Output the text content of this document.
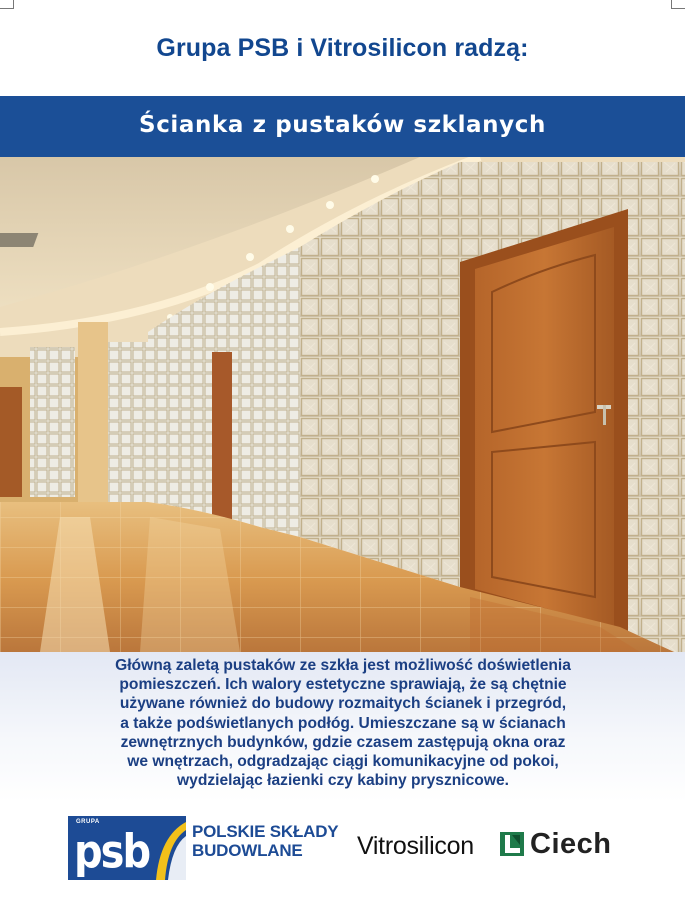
Grupa PSB i Vitrosilicon radzą:
Ścianka z pustaków szklanych
Główną zaletą pustaków ze szkła jest możliwość doświetlenia
pomieszczeń. Ich walory estetyczne sprawiają, że są chętnie
używane również do budowy rozmaitych ścianek i przegród,
a także podświetlanych podłóg. Umieszczane są w ścianach
zewnętrznych budynków, gdzie czasem zastępują okna oraz
we wnętrzach, odgradzając ciągi komunikacyjne od pokoi,
wydzielając łazienki czy kabiny prysznicowe.
GRUPA
psb	POLSKIE SKŁADY
BUDOWLANE	Vitrosilicon Ciech
